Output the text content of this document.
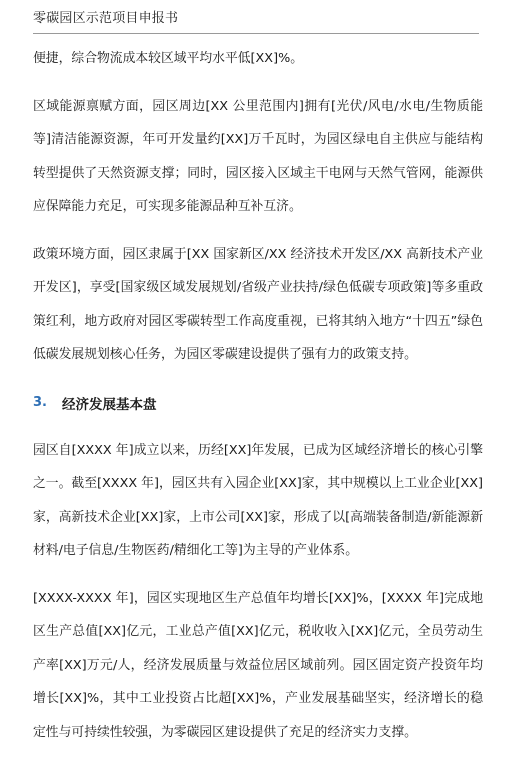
零碳园区示范项目申报书

便捷，综合物流成本较区域平均水平低[XX]%。

区域能源禀赋方面，园区周边[XX 公里范围内]拥有[光伏/风电/水电/生物质能等]清洁能源资源，年可开发量约[XX]万千瓦时，为园区绿电自主供应与能结构转型提供了天然资源支撑；同时，园区接入区域主干电网与天然气管网，能源供应保障能力充足，可实现多能源品种互补互济。

政策环境方面，园区隶属于[XX 国家新区/XX 经济技术开发区/XX 高新技术产业开发区]，享受[国家级区域发展规划/省级产业扶持/绿色低碳专项政策]等多重政策红利，地方政府对园区零碳转型工作高度重视，已将其纳入地方“十四五”绿色低碳发展规划核心任务，为园区零碳建设提供了强有力的政策支持。

3.	经济发展基本盘

园区自[XXXX 年]成立以来，历经[XX]年发展，已成为区域经济增长的核心引擎之一。截至[XXXX 年]，园区共有入园企业[XX]家，其中规模以上工业企业[XX]家，高新技术企业[XX]家，上市公司[XX]家，形成了以[高端装备制造/新能源新材料/电子信息/生物医药/精细化工等]为主导的产业体系。

[XXXX-XXXX 年]，园区实现地区生产总值年均增长[XX]%，[XXXX 年]完成地区生产总值[XX]亿元，工业总产值[XX]亿元，税收收入[XX]亿元，全员劳动生产率[XX]万元/人，经济发展质量与效益位居区域前列。园区固定资产投资年均增长[XX]%，其中工业投资占比超[XX]%，产业发展基础坚实，经济增长的稳定性与可持续性较强，为零碳园区建设提供了充足的经济实力支撑。
